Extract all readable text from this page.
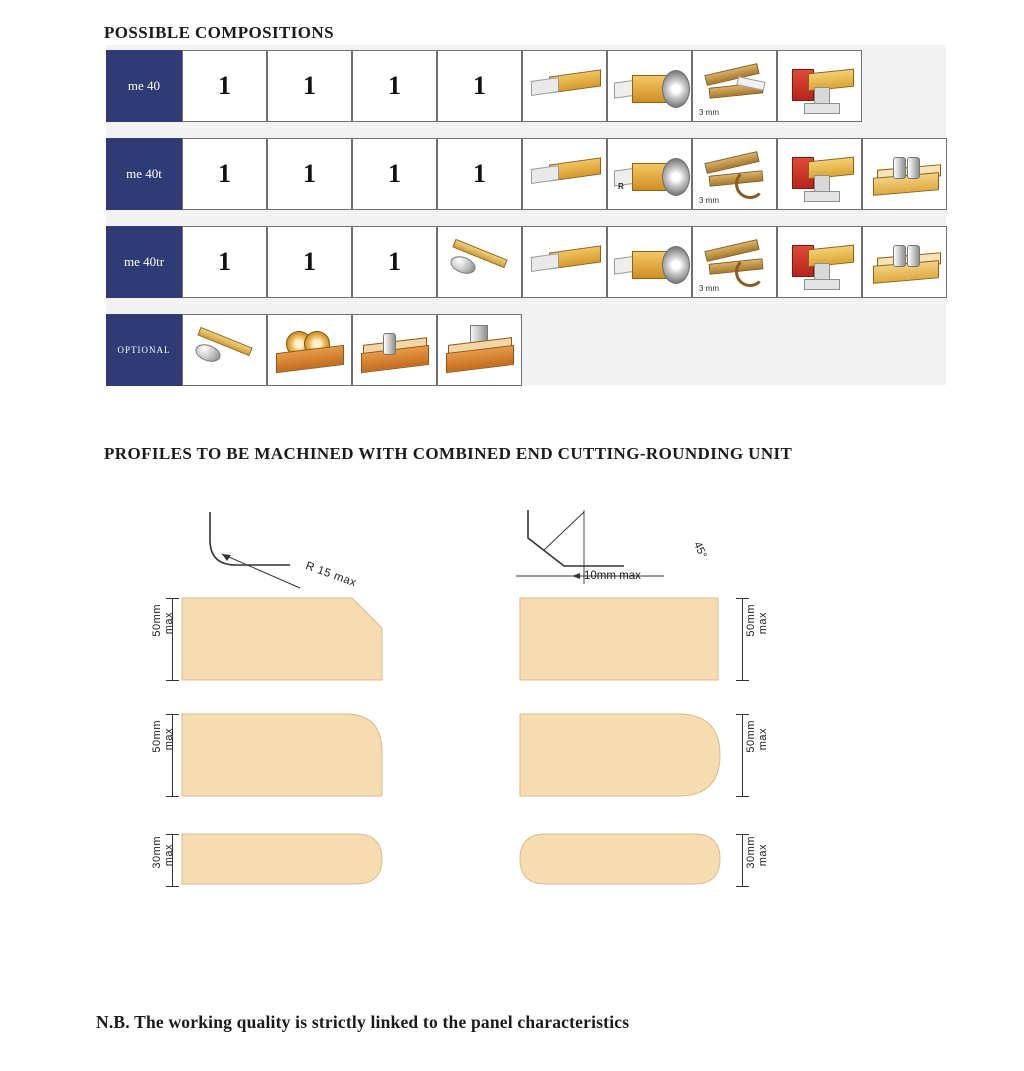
POSSIBLE COMPOSITIONS
PROFILES TO BE MACHINED WITH COMBINED END CUTTING-ROUNDING UNIT
N.B. The working quality is strictly linked to the panel characteristics
me 40	1	1	1	1
3 mm
me 40t	1	1	1	1	R
3 mm
me 40tr	1	1	1
3 mm
OPTIONAL
R 15 max
45°
10mm max
50mm max	50mm max
50mm max	50mm max
30mm max	30mm max
